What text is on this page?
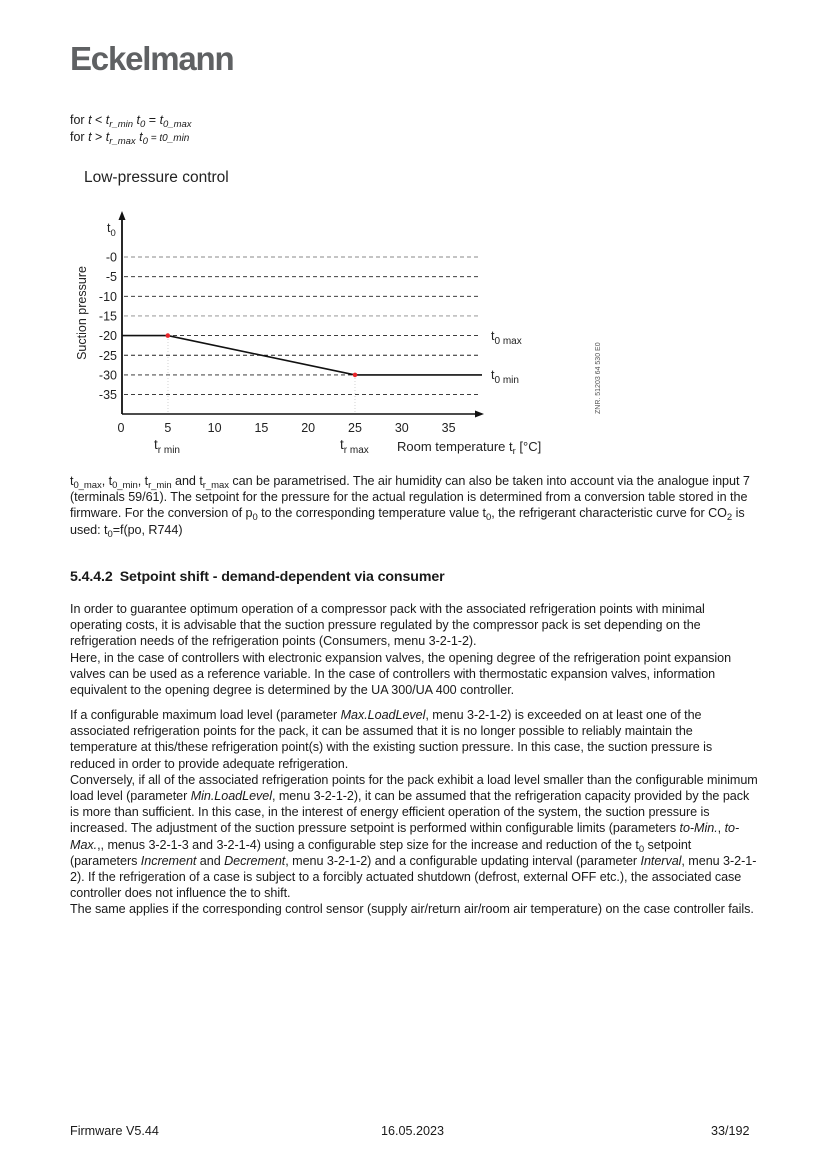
Eckelmann
for $t < t_{r\_min}$ $t_0 = t_{0\_max}$
for $t > t_{r\_max}$ $t_0$ = t0_min
Low-pressure control
-0
-5
-10
-15
-20
-25
-30
-35
0	5	10	15	20	25	30	35
$t_0$
Suction pressure	$t_{0 max}$
$t_{0 min}$
$t_{r min}$	$t_{r max}$ Room temperature $t_r$ [°C]
ZNR. 51203 64 530 E0
$t_{0\_max}$, $t_{0\_min}$, $t_{r\_min}$ and $t_{r\_max}$ can be parametrised. The air humidity can also be taken into account via the analogue input 7 (terminals 59/61). The setpoint for the pressure for the actual regulation is determined from a conversion table stored in the firmware. For the conversion of $p_0$ to the corresponding temperature value $t_0$, the refrigerant characteristic curve for $CO_2$ is used: $t_0=f(po$, R744)
5.4.4.2 Setpoint shift - demand-dependent via consumer
In order to guarantee optimum operation of a compressor pack with the associated refrigeration points with minimal operating costs, it is advisable that the suction pressure regulated by the compressor pack is set depending on the refrigeration needs of the refrigeration points (Consumers, menu 3-2-1-2).
Here, in the case of controllers with electronic expansion valves, the opening degree of the refrigeration point expansion valves can be used as a reference variable. In the case of controllers with thermostatic expansion valves, information equivalent to the opening degree is determined by the UA 300/UA 400 controller.
If a configurable maximum load level (parameter Max.LoadLevel, menu 3-2-1-2) is exceeded on at least one of the associated refrigeration points for the pack, it can be assumed that it is no longer possible to reliably maintain the temperature at this/these refrigeration point(s) with the existing suction pressure. In this case, the suction pressure is reduced in order to provide adequate refrigeration.
Conversely, if all of the associated refrigeration points for the pack exhibit a load level smaller than the configurable minimum load level (parameter Min.LoadLevel, menu 3-2-1-2), it can be assumed that the refrigeration capacity provided by the pack is more than sufficient. In this case, in the interest of energy efficient operation of the system, the suction pressure is increased. The adjustment of the suction pressure setpoint is performed within configurable limits (parameters to-Min., to-Max.,, menus 3-2-1-3 and 3-2-1-4) using a configurable step size for the increase and reduction of the $t_0$ setpoint (parameters Increment and Decrement, menu 3-2-1-2) and a configurable updating interval (parameter Interval, menu 3-2-1-2). If the refrigeration of a case is subject to a forcibly actuated shutdown (defrost, external OFF etc.), the associated case controller does not influence the to shift.
The same applies if the corresponding control sensor (supply air/return air/room air temperature) on the case controller fails.
Firmware V5.44	16.05.2023	33/192
